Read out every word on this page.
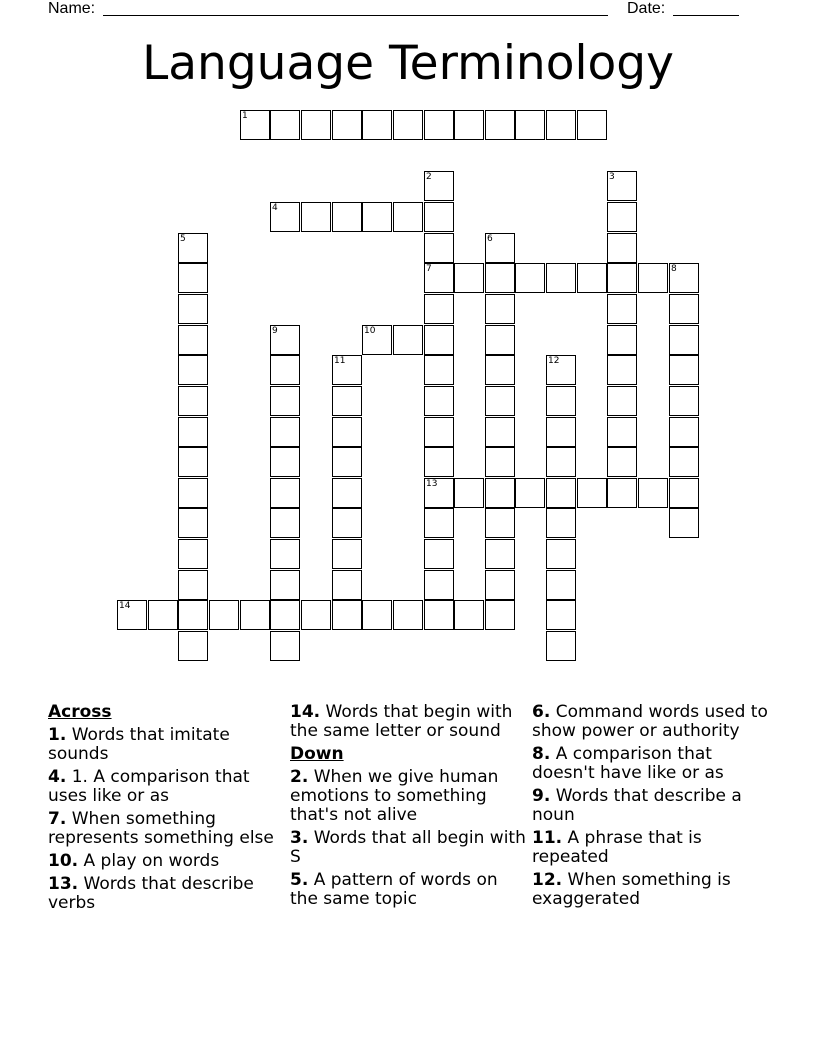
Name:	Date:
Language Terminology
1
2
7
13
3
4
5	6
8
9	10
11	12
14
Across
1. Words that imitate sounds
4. 1. A comparison that uses like or as
7. When something represents something else
10. A play on words
13. Words that describe verbs
14. Words that begin with the same letter or sound
Down
2. When we give human emotions to something that's not alive
3. Words that all begin with S
5. A pattern of words on the same topic
6. Command words used to show power or authority
8. A comparison that doesn't have like or as
9. Words that describe a noun
11. A phrase that is repeated
12. When something is exaggerated
